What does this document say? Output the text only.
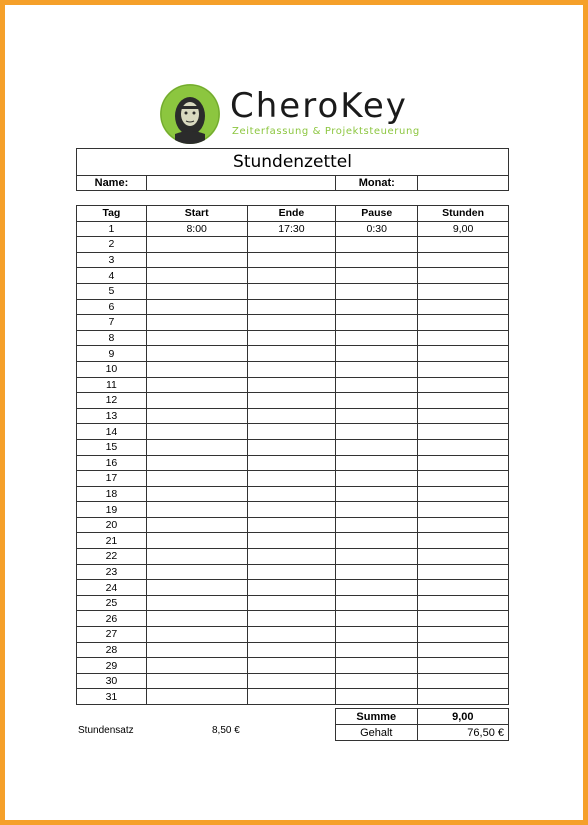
CheroKey
Zeiterfassung & Projektsteuerung
Stundenzettel
Name:		Monat:	
Tag	Start	Ende	Pause	Stunden
1	8:00	17:30	0:30	9,00
2				
3				
4				
5				
6				
7				
8				
9				
10				
11				
12				
13				
14				
15				
16				
17				
18				
19				
20				
21				
22				
23				
24				
25				
26				
27				
28				
29				
30				
31				
Summe	9,00
Gehalt	76,50 €
Stundensatz	8,50 €
